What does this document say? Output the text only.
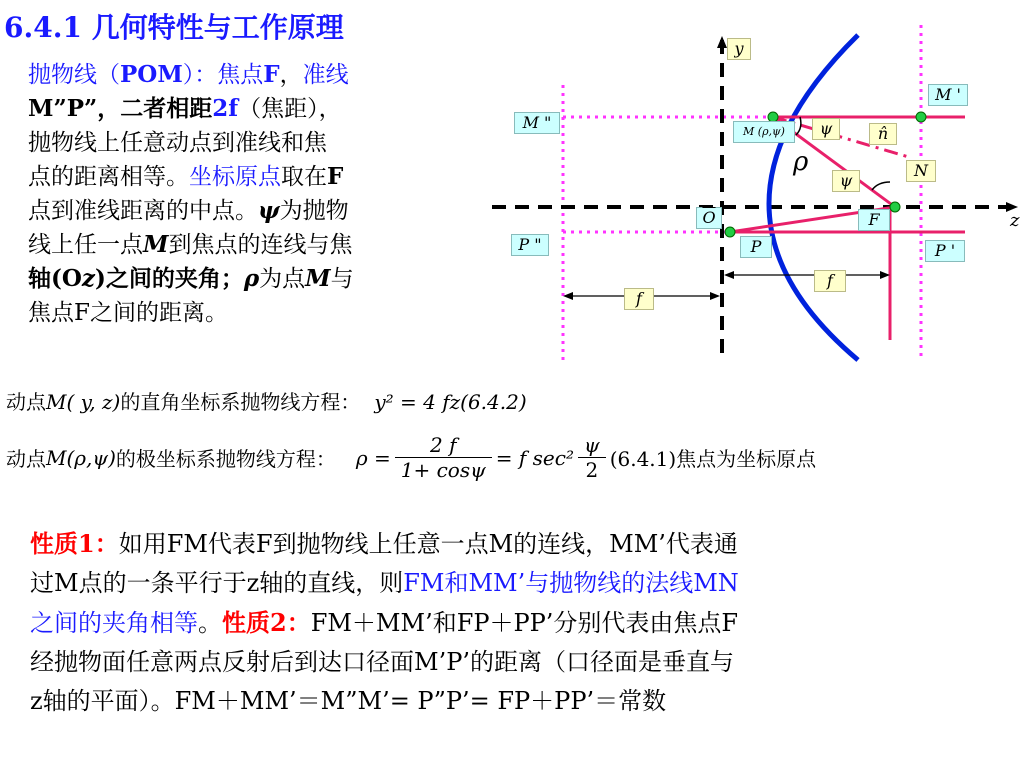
6.4.1 几何特性与工作原理
抛物线（POM）：焦点F，准线
M”P”，二者相距2f（焦距），
抛物线上任意动点到准线和焦
点的距离相等。坐标原点取在F
点到准线距离的中点。ψ为抛物
线上任一点M到焦点的连线与焦
轴(Oz)之间的夹角；ρ为点M与
焦点F之间的距离。
y
z
M "
M '
P "	P '
M (ρ,ψ)
P
$\overline{O}$	F
N
n̂
ψ
ψ
ρ
f
f
动点M( y, z)的直角坐标系抛物线方程： y² = 4 fz(6.4.2)
动点 M (ρ,ψ) 的极坐标系抛物线方程： $\rho = \frac{2 f}{1+ \cos\psi} = f$ $\sec^2 \frac{\psi}{2} (6.4.1)$焦点为坐标原点
性质1：如用FM代表F到抛物线上任意一点M的连线，MM’代表通
过M点的一条平行于z轴的直线，则FM和MM’与抛物线的法线MN
之间的夹角相等。性质2：FM＋MM’和FP＋PP’分别代表由焦点F
经抛物面任意两点反射后到达口径面M’P’的距离（口径面是垂直与
z轴的平面）。FM＋MM’＝M”M’= P”P’= FP＋PP’＝常数
